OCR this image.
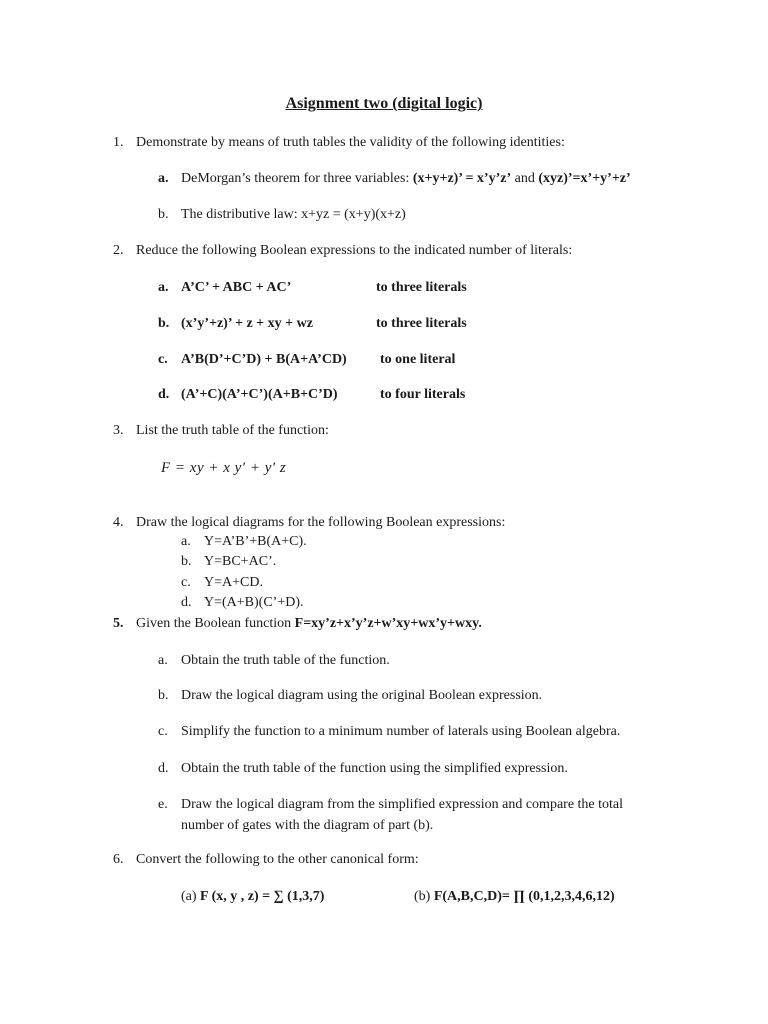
Asignment two (digital logic)
1. Demonstrate by means of truth tables the validity of the following identities:
a. DeMorgan’s theorem for three variables: (x+y+z)’ = x’y’z’ and (xyz)’=x’+y’+z’
b. The distributive law: x+yz = (x+y)(x+z)
2. Reduce the following Boolean expressions to the indicated number of literals:
a. A’C’ + ABC + AC’	to three literals
b. (x’y’+z)’ + z + xy + wz	to three literals
c. A’B(D’+C’D) + B(A+A’CD) to one literal
d. (A’+C)(A’+C’)(A+B+C’D)	to four literals
3. List the truth table of the function:
F = xy + x y′ + y′ z
4. Draw the logical diagrams for the following Boolean expressions:
a. Y=A’B’+B(A+C).
b. Y=BC+AC’.
c. Y=A+CD.
d. Y=(A+B)(C’+D).
5. Given the Boolean function F=xy’z+x’y’z+w’xy+wx’y+wxy.
a. Obtain the truth table of the function.
b. Draw the logical diagram using the original Boolean expression.
c. Simplify the function to a minimum number of laterals using Boolean algebra.
d. Obtain the truth table of the function using the simplified expression.
e. Draw the logical diagram from the simplified expression and compare the total
number of gates with the diagram of part (b).
6. Convert the following to the other canonical form:
(a) F (x, y , z) = ∑ (1,3,7)	(b) F(A,B,C,D)= ∏ (0,1,2,3,4,6,12)
